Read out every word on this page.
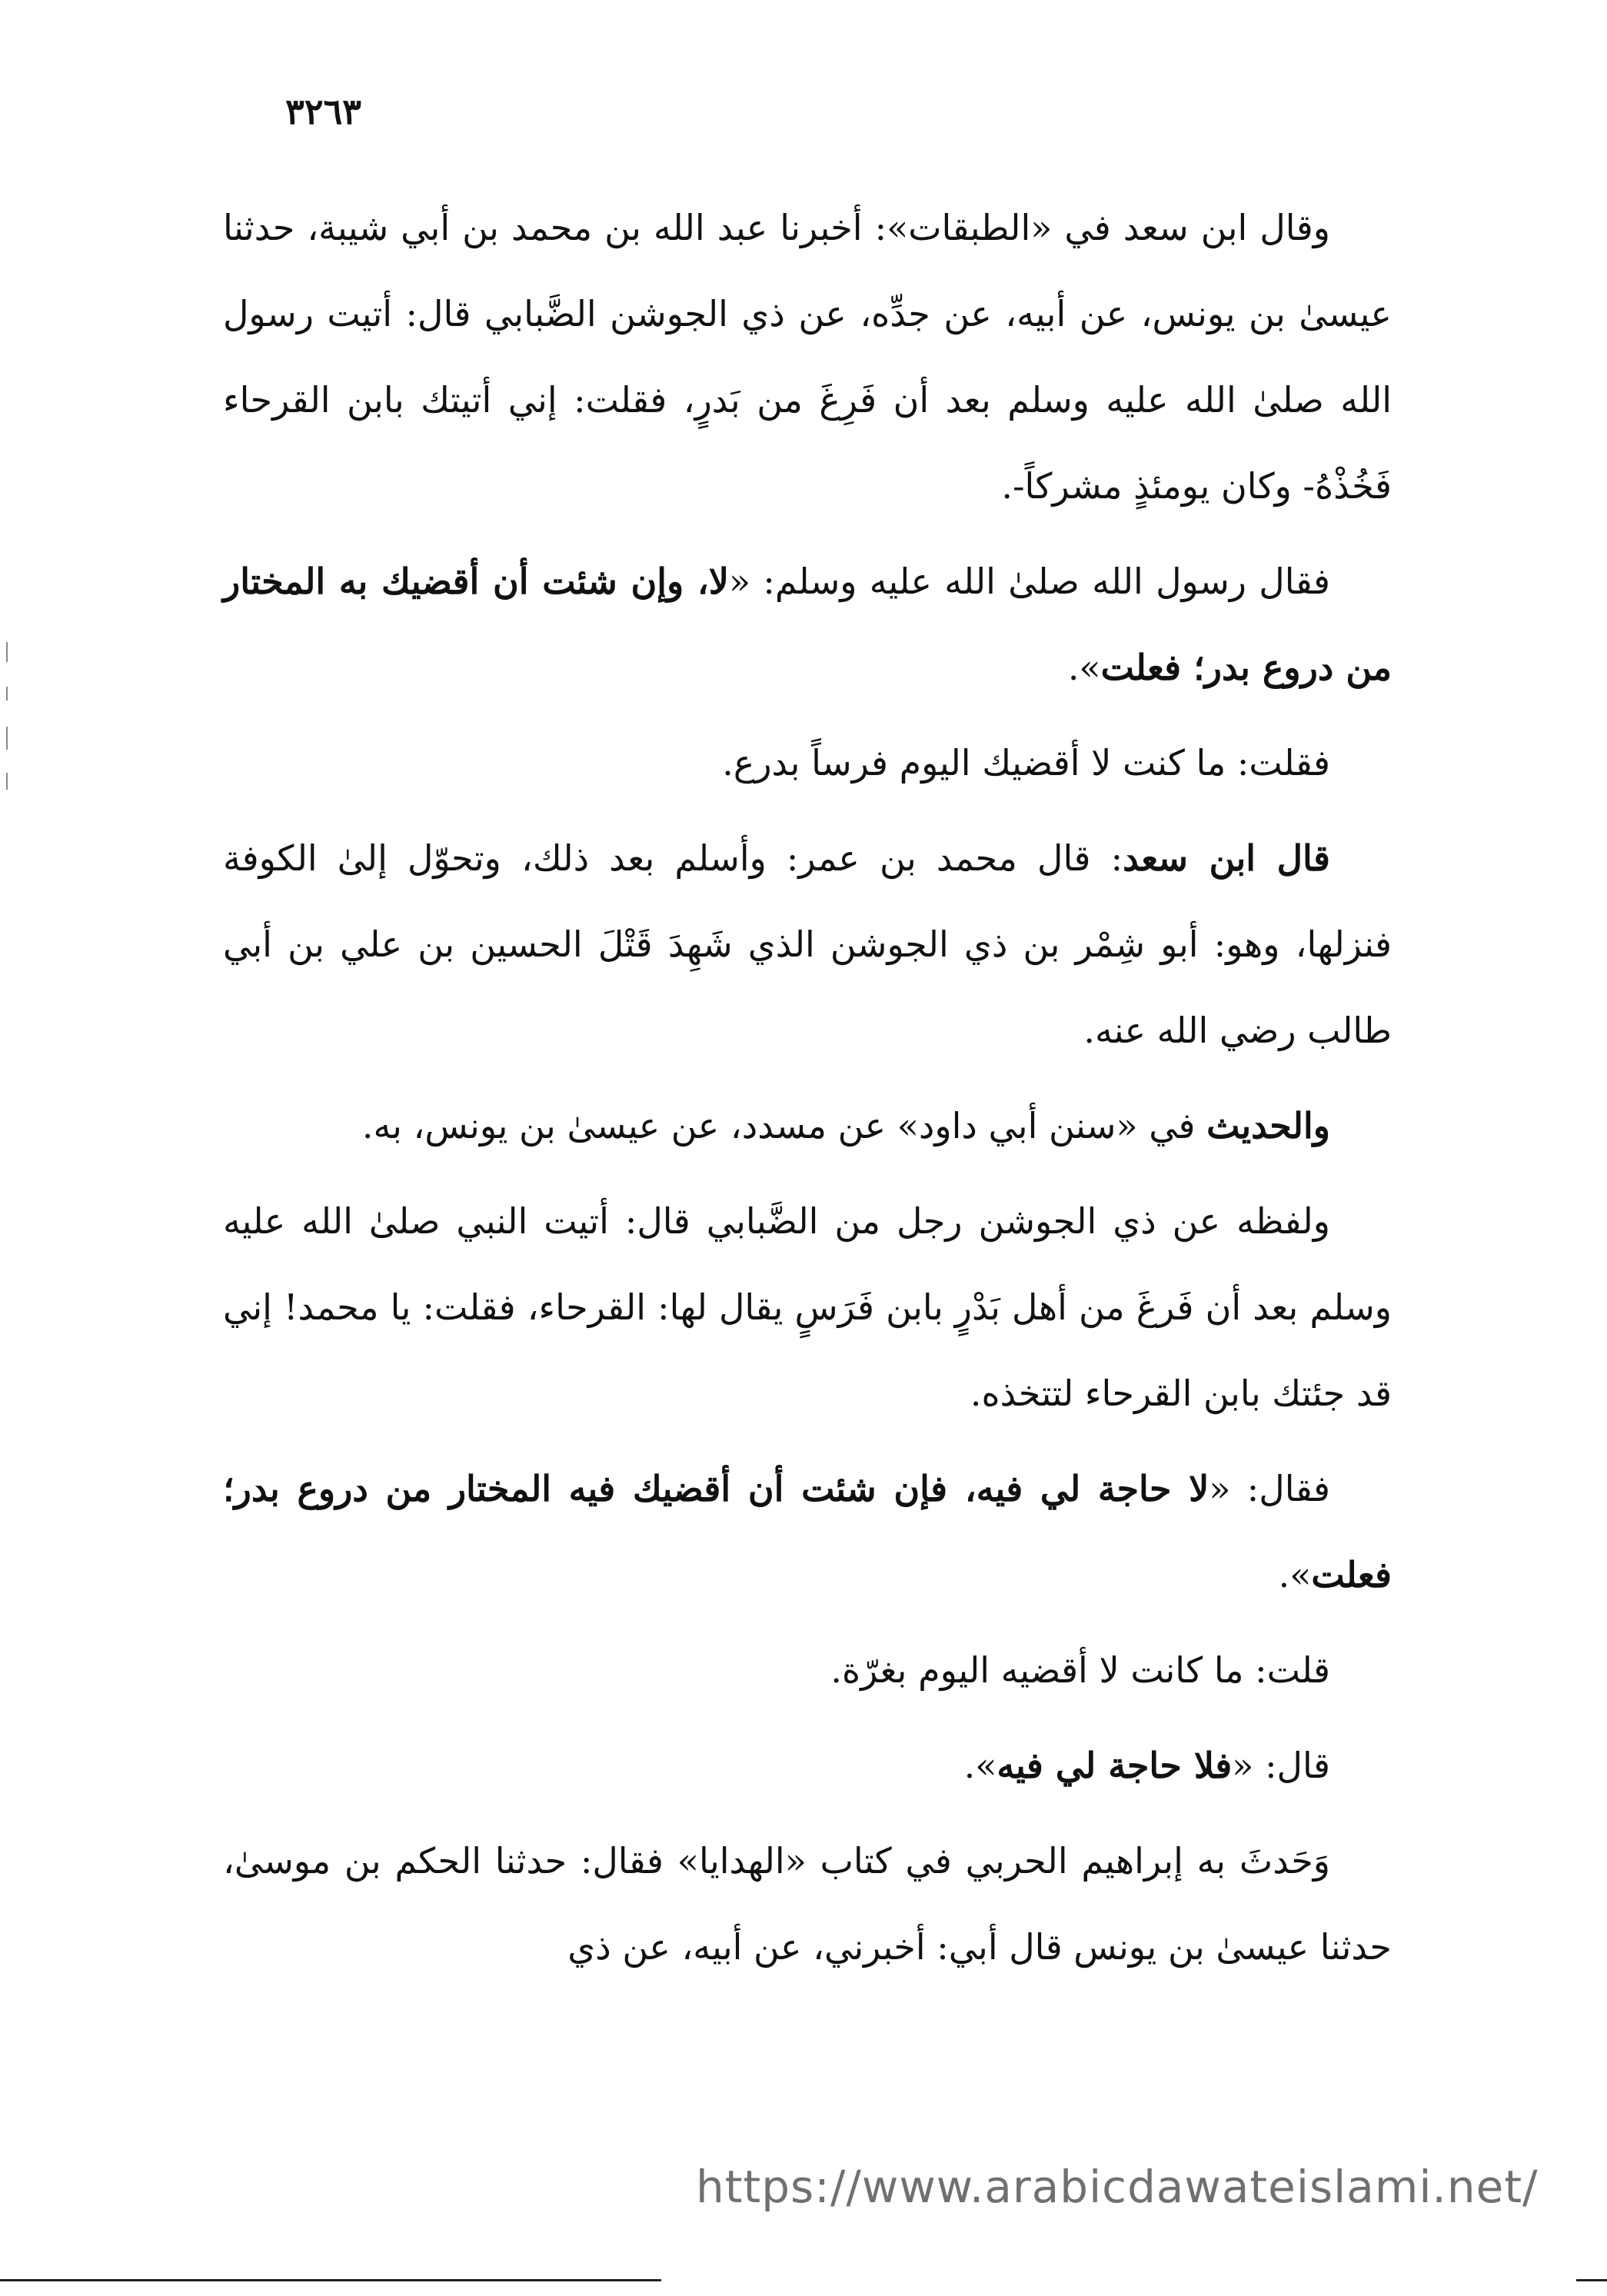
٣٢٦٣

وقال ابن سعد في «الطبقات»: أخبرنا عبد الله بن محمد بن أبي شيبة، حدثنا عيسىٰ بن يونس، عن أبيه، عن جدِّه، عن ذي الجوشن الضَّبابي قال: أتيت رسول الله صلىٰ الله عليه وسلم بعد أن فَرِغَ من بَدرٍ، فقلت: إني أتيتك بابن القرحاء فَخُذْهُ- وكان يومئذٍ مشركاً-.

فقال رسول الله صلىٰ الله عليه وسلم: «لا، وإن شئت أن أقضيك به المختار من دروع بدر؛ فعلت».

فقلت: ما كنت لا أقضيك اليوم فرساً بدرع.

قال ابن سعد: قال محمد بن عمر: وأسلم بعد ذلك، وتحوّل إلىٰ الكوفة فنزلها، وهو: أبو شِمْر بن ذي الجوشن الذي شَهِدَ قَتْلَ الحسين بن علي بن أبي طالب رضي الله عنه.

والحديث في «سنن أبي داود» عن مسدد، عن عيسىٰ بن يونس، به.

ولفظه عن ذي الجوشن رجل من الضَّبابي قال: أتيت النبي صلىٰ الله عليه وسلم بعد أن فَرغَ من أهل بَدْرٍ بابن فَرَسٍ يقال لها: القرحاء، فقلت: يا محمد! إني قد جئتك بابن القرحاء لتتخذه.

فقال: «لا حاجة لي فيه، فإن شئت أن أقضيك فيه المختار من دروع بدر؛ فعلت».

قلت: ما كانت لا أقضيه اليوم بغرّة.

قال: «فلا حاجة لي فيه».

وَحَدثَ به إبراهيم الحربي في كتاب «الهدايا» فقال: حدثنا الحكم بن موسىٰ، حدثنا عيسىٰ بن يونس قال أبي: أخبرني، عن أبيه، عن ذي

https://www.arabicdawateislami.net/
